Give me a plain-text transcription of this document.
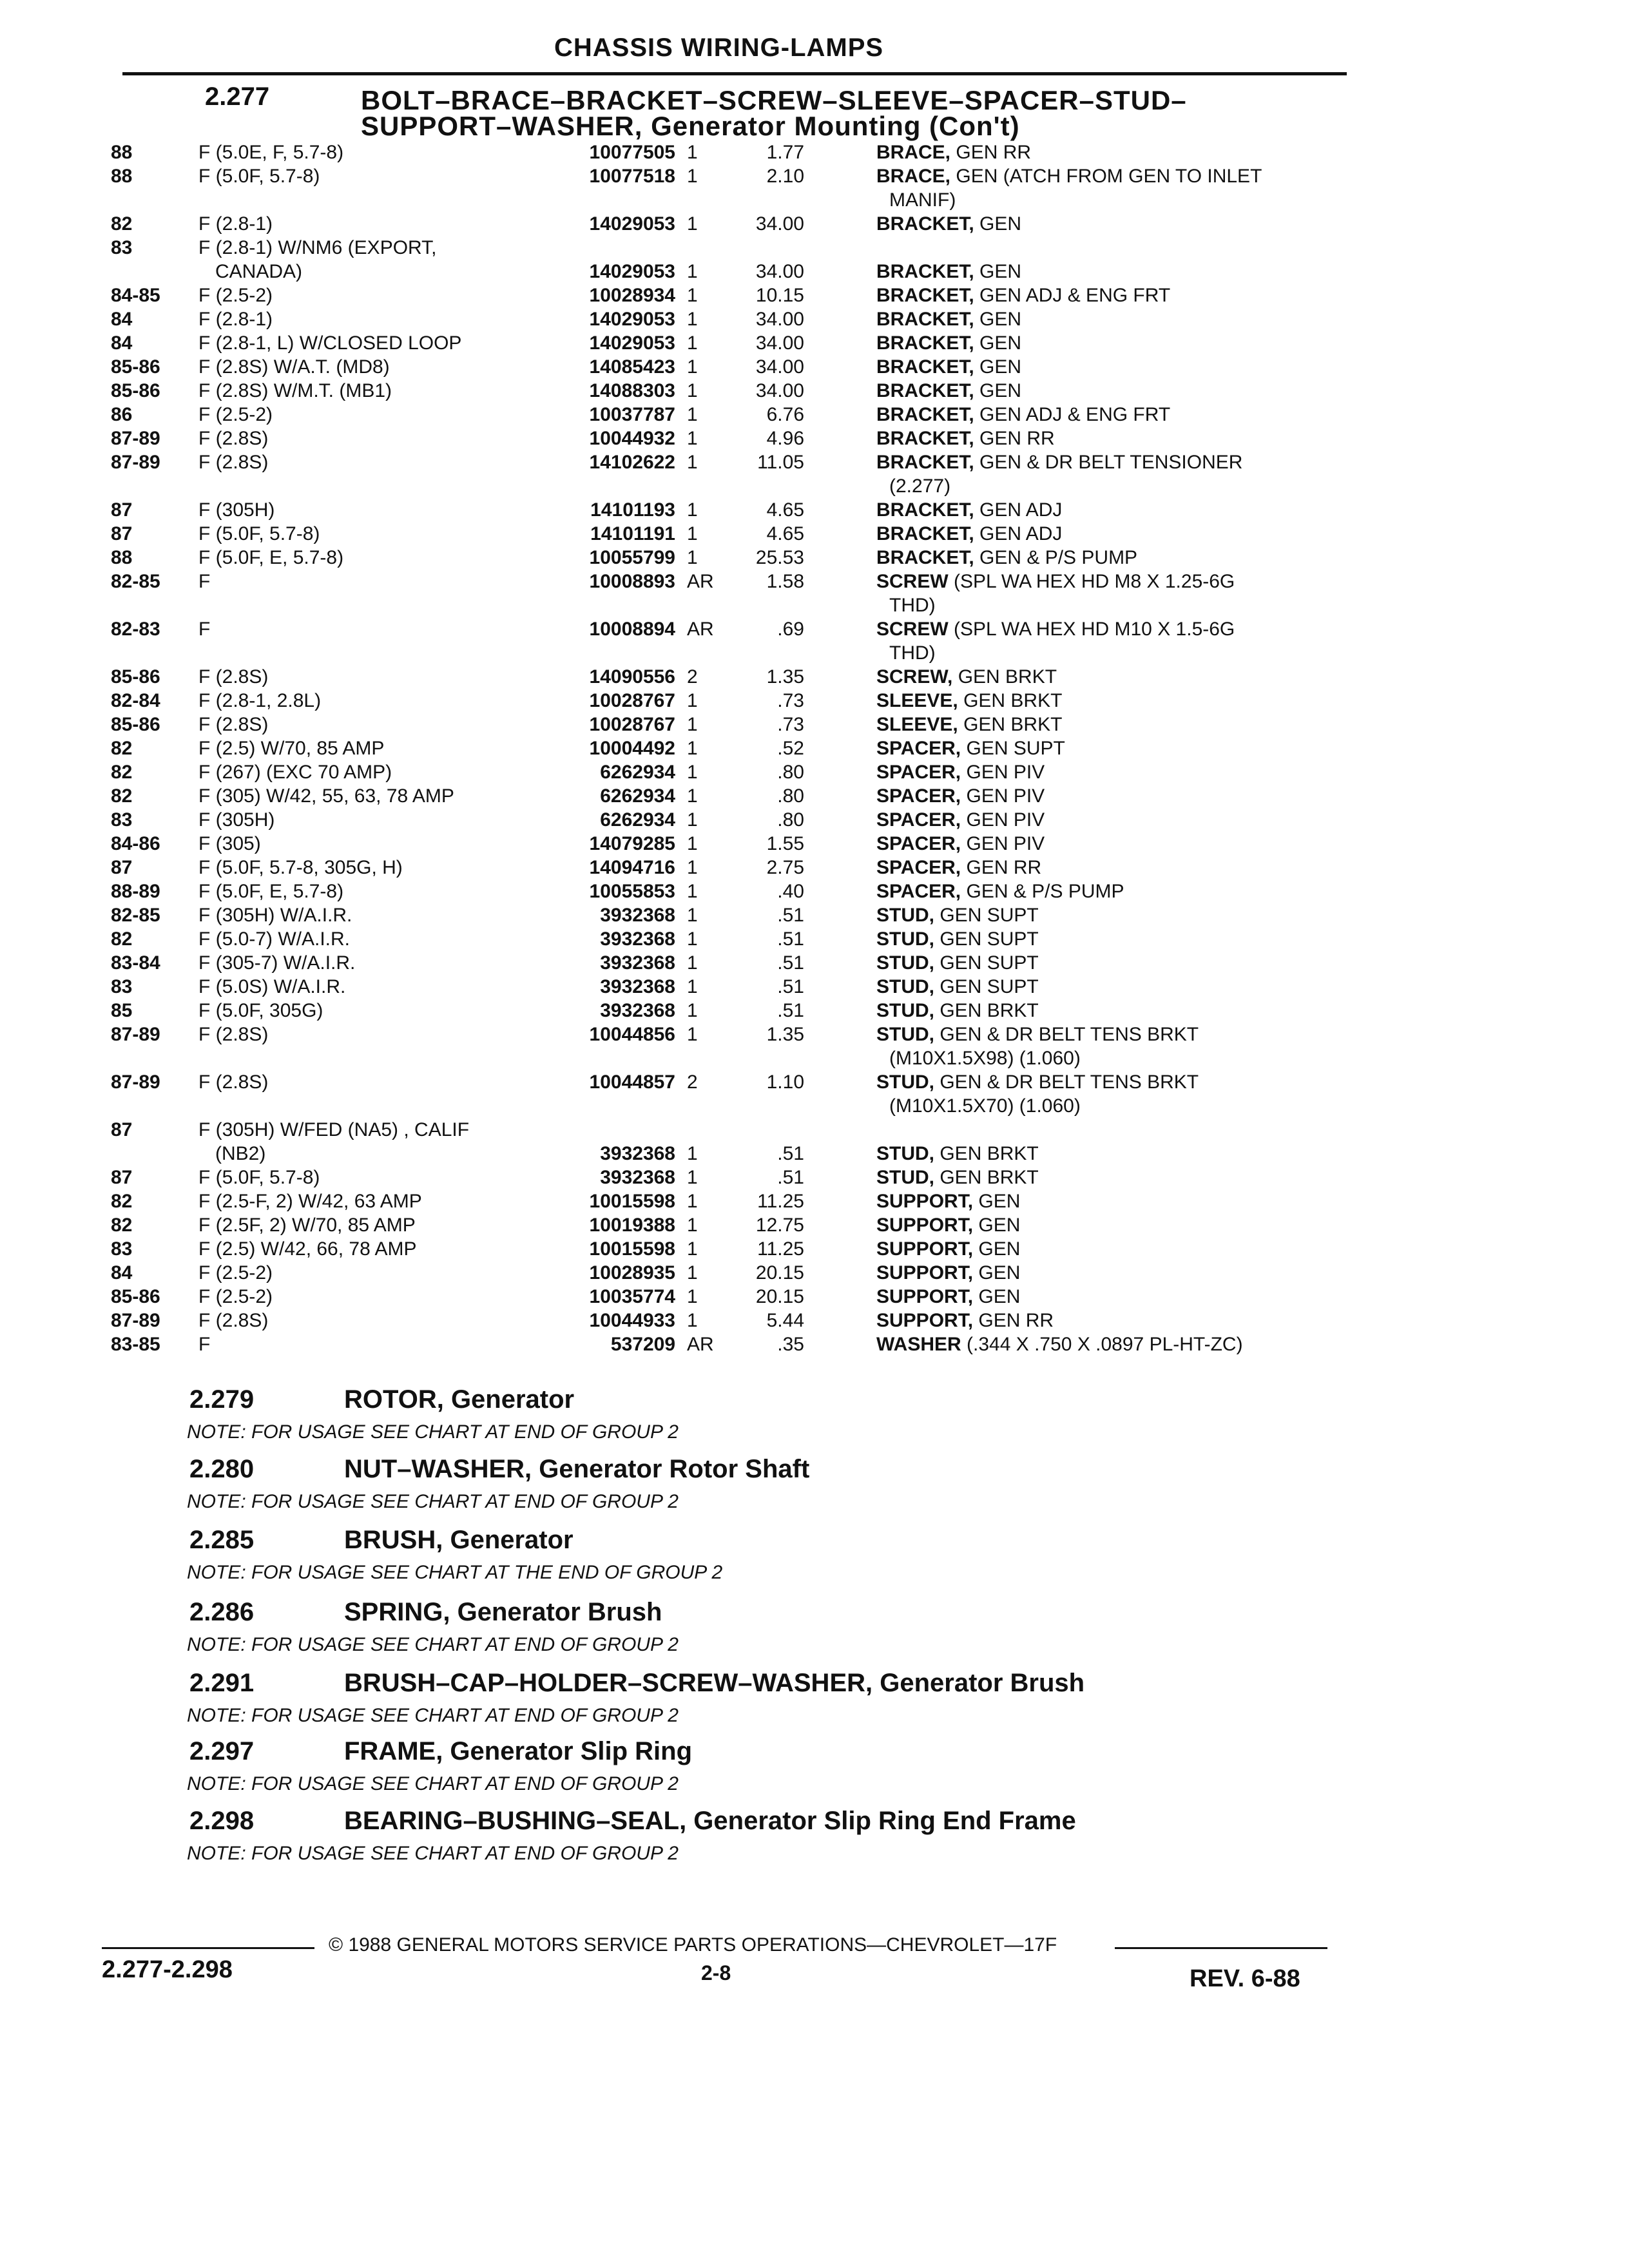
CHASSIS WIRING-LAMPS
2.277	BOLT–BRACE–BRACKET–SCREW–SLEEVE–SPACER–STUD–
SUPPORT–WASHER, Generator Mounting (Con't)
88	F (5.0E, F, 5.7-8)	10077505 1	1.77	BRACE, GEN RR
88	F (5.0F, 5.7-8)	10077518 1	2.10	BRACE, GEN (ATCH FROM GEN TO INLET
MANIF)
82	F (2.8-1)	14029053 1	34.00	BRACKET, GEN
83	F (2.8-1) W/NM6 (EXPORT,
CANADA)	14029053 1	34.00	BRACKET, GEN
84-85	F (2.5-2)	10028934 1	10.15	BRACKET, GEN ADJ & ENG FRT
84	F (2.8-1)	14029053 1	34.00	BRACKET, GEN
84	F (2.8-1, L) W/CLOSED LOOP	14029053 1	34.00	BRACKET, GEN
85-86	F (2.8S) W/A.T. (MD8)	14085423 1	34.00	BRACKET, GEN
85-86	F (2.8S) W/M.T. (MB1)	14088303 1	34.00	BRACKET, GEN
86	F (2.5-2)	10037787 1	6.76	BRACKET, GEN ADJ & ENG FRT
87-89	F (2.8S)	10044932 1	4.96	BRACKET, GEN RR
87-89	F (2.8S)	14102622 1	11.05	BRACKET, GEN & DR BELT TENSIONER
(2.277)
87	F (305H)	14101193 1	4.65	BRACKET, GEN ADJ
87	F (5.0F, 5.7-8)	14101191 1	4.65	BRACKET, GEN ADJ
88	F (5.0F, E, 5.7-8)	10055799 1	25.53	BRACKET, GEN & P/S PUMP
82-85	F	10008893 AR	1.58	SCREW (SPL WA HEX HD M8 X 1.25-6G
THD)
82-83	F	10008894 AR	.69	SCREW (SPL WA HEX HD M10 X 1.5-6G
THD)
85-86	F (2.8S)	14090556 2	1.35	SCREW, GEN BRKT
82-84	F (2.8-1, 2.8L)	10028767 1	.73	SLEEVE, GEN BRKT
85-86	F (2.8S)	10028767 1	.73	SLEEVE, GEN BRKT
82	F (2.5) W/70, 85 AMP	10004492 1	.52	SPACER, GEN SUPT
82	F (267) (EXC 70 AMP)	6262934 1	.80	SPACER, GEN PIV
82	F (305) W/42, 55, 63, 78 AMP	6262934 1	.80	SPACER, GEN PIV
83	F (305H)	6262934 1	.80	SPACER, GEN PIV
84-86	F (305)	14079285 1	1.55	SPACER, GEN PIV
87	F (5.0F, 5.7-8, 305G, H)	14094716 1	2.75	SPACER, GEN RR
88-89	F (5.0F, E, 5.7-8)	10055853 1	.40	SPACER, GEN & P/S PUMP
82-85	F (305H) W/A.I.R.	3932368 1	.51	STUD, GEN SUPT
82	F (5.0-7) W/A.I.R.	3932368 1	.51	STUD, GEN SUPT
83-84	F (305-7) W/A.I.R.	3932368 1	.51	STUD, GEN SUPT
83	F (5.0S) W/A.I.R.	3932368 1	.51	STUD, GEN SUPT
85	F (5.0F, 305G)	3932368 1	.51	STUD, GEN BRKT
87-89	F (2.8S)	10044856 1	1.35	STUD, GEN & DR BELT TENS BRKT
(M10X1.5X98) (1.060)
87-89	F (2.8S)	10044857 2	1.10	STUD, GEN & DR BELT TENS BRKT
(M10X1.5X70) (1.060)
87	F (305H) W/FED (NA5) , CALIF
(NB2)	3932368 1	.51	STUD, GEN BRKT
87	F (5.0F, 5.7-8)	3932368 1	.51	STUD, GEN BRKT
82	F (2.5-F, 2) W/42, 63 AMP	10015598 1	11.25	SUPPORT, GEN
82	F (2.5F, 2) W/70, 85 AMP	10019388 1	12.75	SUPPORT, GEN
83	F (2.5) W/42, 66, 78 AMP	10015598 1	11.25	SUPPORT, GEN
84	F (2.5-2)	10028935 1	20.15	SUPPORT, GEN
85-86	F (2.5-2)	10035774 1	20.15	SUPPORT, GEN
87-89	F (2.8S)	10044933 1	5.44	SUPPORT, GEN RR
83-85	F	537209 AR	.35	WASHER (.344 X .750 X .0897 PL-HT-ZC)
2.279	ROTOR, Generator
NOTE: FOR USAGE SEE CHART AT END OF GROUP 2
2.280	NUT–WASHER, Generator Rotor Shaft
NOTE: FOR USAGE SEE CHART AT END OF GROUP 2
2.285	BRUSH, Generator
NOTE: FOR USAGE SEE CHART AT THE END OF GROUP 2
2.286	SPRING, Generator Brush
NOTE: FOR USAGE SEE CHART AT END OF GROUP 2
2.291	BRUSH–CAP–HOLDER–SCREW–WASHER, Generator Brush
NOTE: FOR USAGE SEE CHART AT END OF GROUP 2
2.297	FRAME, Generator Slip Ring
NOTE: FOR USAGE SEE CHART AT END OF GROUP 2
2.298	BEARING–BUSHING–SEAL, Generator Slip Ring End Frame
NOTE: FOR USAGE SEE CHART AT END OF GROUP 2
© 1988 GENERAL MOTORS SERVICE PARTS OPERATIONS—CHEVROLET—17F
2.277-2.298	2-8	REV. 6-88
